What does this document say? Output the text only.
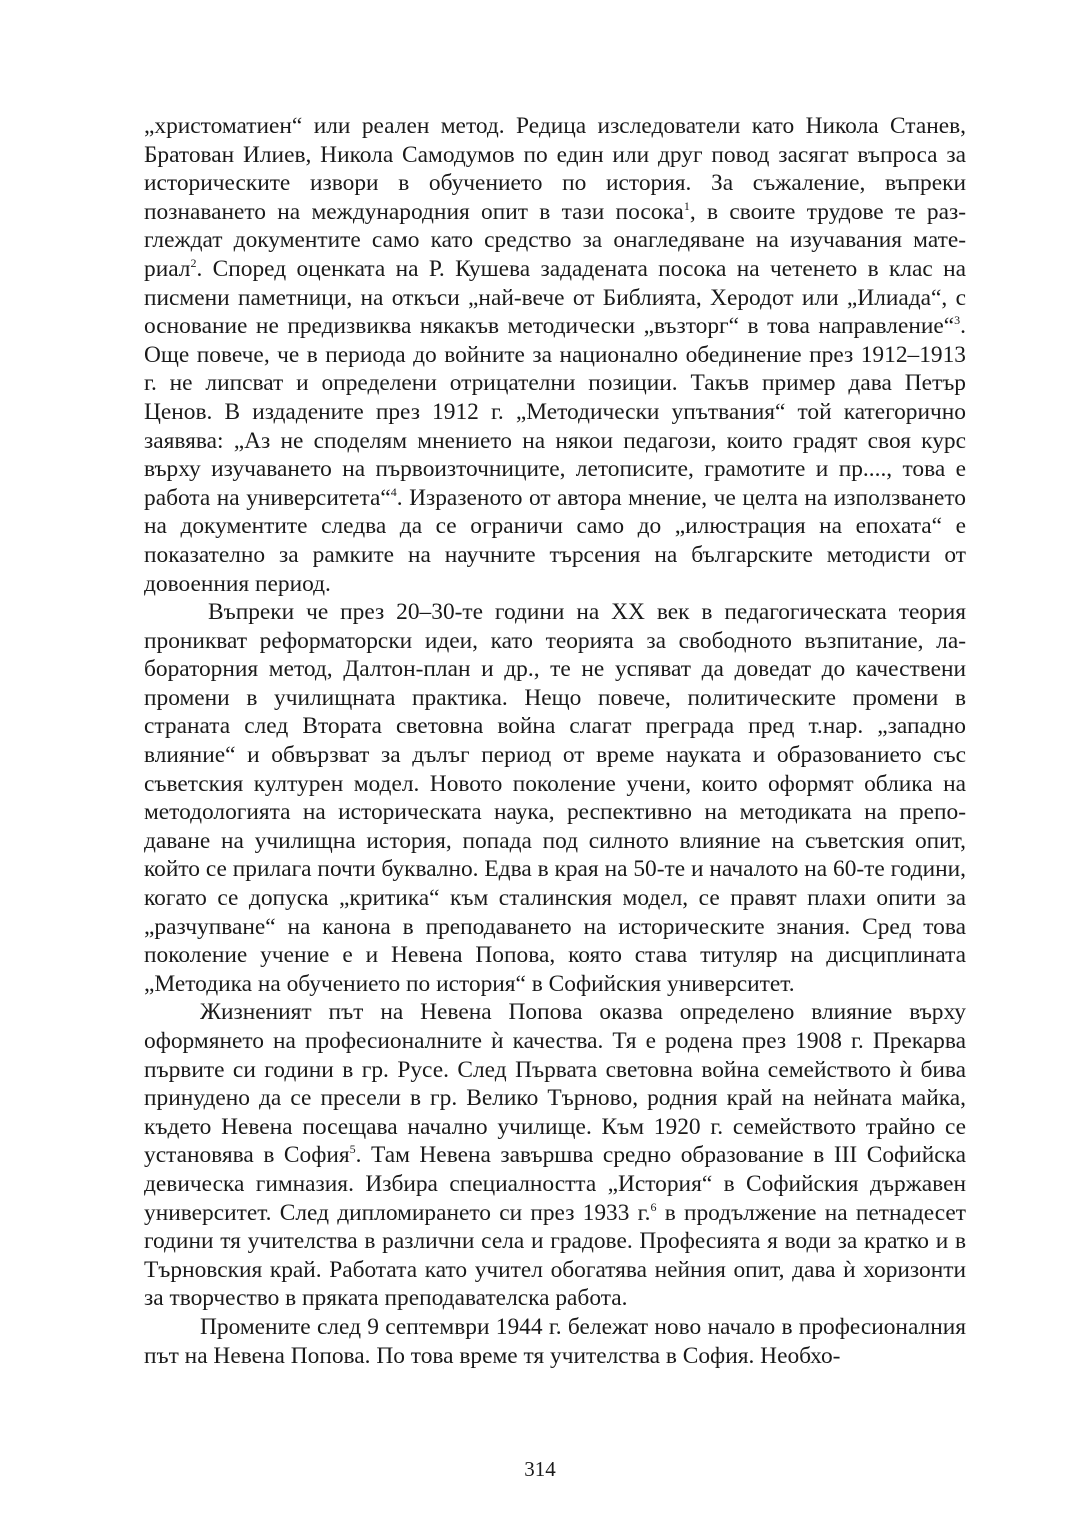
„христоматиен“ или реален метод. Редица изследователи като Никола Станев, Братован Илиев, Никола Самодумов по един или друг повод засягат въпроса за историческите извори в обучението по история. За съжаление, въпреки познаването на международния опит в тази посока$^1$, в своите трудове те разглеждат документите само като средство за онагледяване на изучавания материал$^2$. Според оценката на Р. Кушева зададената посока на четенето в клас на писмени паметници, на откъси „най-вече от Библията, Херодот или „Илиада“, с основание не предизвиква някакъв методически „възторг“ в това направление“$^3$. Още повече, че в периода до войните за национално обединение през 1912–1913 г. не липсват и определени отрицателни позиции. Такъв пример дава Петър Ценов. В издадените през 1912 г. „Методически упътвания“ той категорично заявява: „Аз не споделям мнението на някои педагози, които градят своя курс върху изучаването на първоизточниците, летописите, грамотите и пр...., това е работа на университета“$^4$. Изразеното от автора мнение, че целта на използването на документите следва да се ограничи само до „илюстрация на епохата“ е показателно за рамките на научните търсения на българските методисти от довоенния период.

Въпреки че през 20–30-те години на ХХ век в педагогическата теория проникват реформаторски идеи, като теорията за свободното възпитание, лабораторния метод, Далтон-план и др., те не успяват да доведат до качествени промени в училищната практика. Нещо повече, политическите промени в страната след Втората световна война слагат преграда пред т.нар. „западно влияние“ и обвързват за дълъг период от време науката и образованието със съветския културен модел. Новото поколение учени, които оформят облика на методологията на историческата наука, респективно на методиката на преподаване на училищна история, попада под силното влияние на съветския опит, който се прилага почти буквално. Едва в края на 50-те и началото на 60-те години, когато се допуска „критика“ към сталинския модел, се правят плахи опити за „разчупване“ на канона в преподаването на историческите знания. Сред това поколение учение е и Невена Попова, която става титуляр на дисциплината „Методика на обучението по история“ в Софийския университет.

Жизненият път на Невена Попова оказва определено влияние върху оформянето на професионалните ѝ качества. Тя е родена през 1908 г. Прекарва първите си години в гр. Русе. След Първата световна война семейството ѝ бива принудено да се пресели в гр. Велико Търново, родния край на нейната майка, където Невена посещава начално училище. Към 1920 г. семейството трайно се установява в София$^5$. Там Невена завършва средно образование в III Софийска девическа гимназия. Избира специалността „История“ в Софийския държавен университет. След дипломирането си през 1933 г.$^6$ в продължение на петнадесет години тя учителства в различни села и градове. Професията я води за кратко и в Търновския край. Работата като учител обогатява нейния опит, дава ѝ хоризонти за творчество в пряката преподавателска работа.

Промените след 9 септември 1944 г. бележат ново начало в професионалния път на Невена Попова. По това време тя учителства в София. Необхо-

314
